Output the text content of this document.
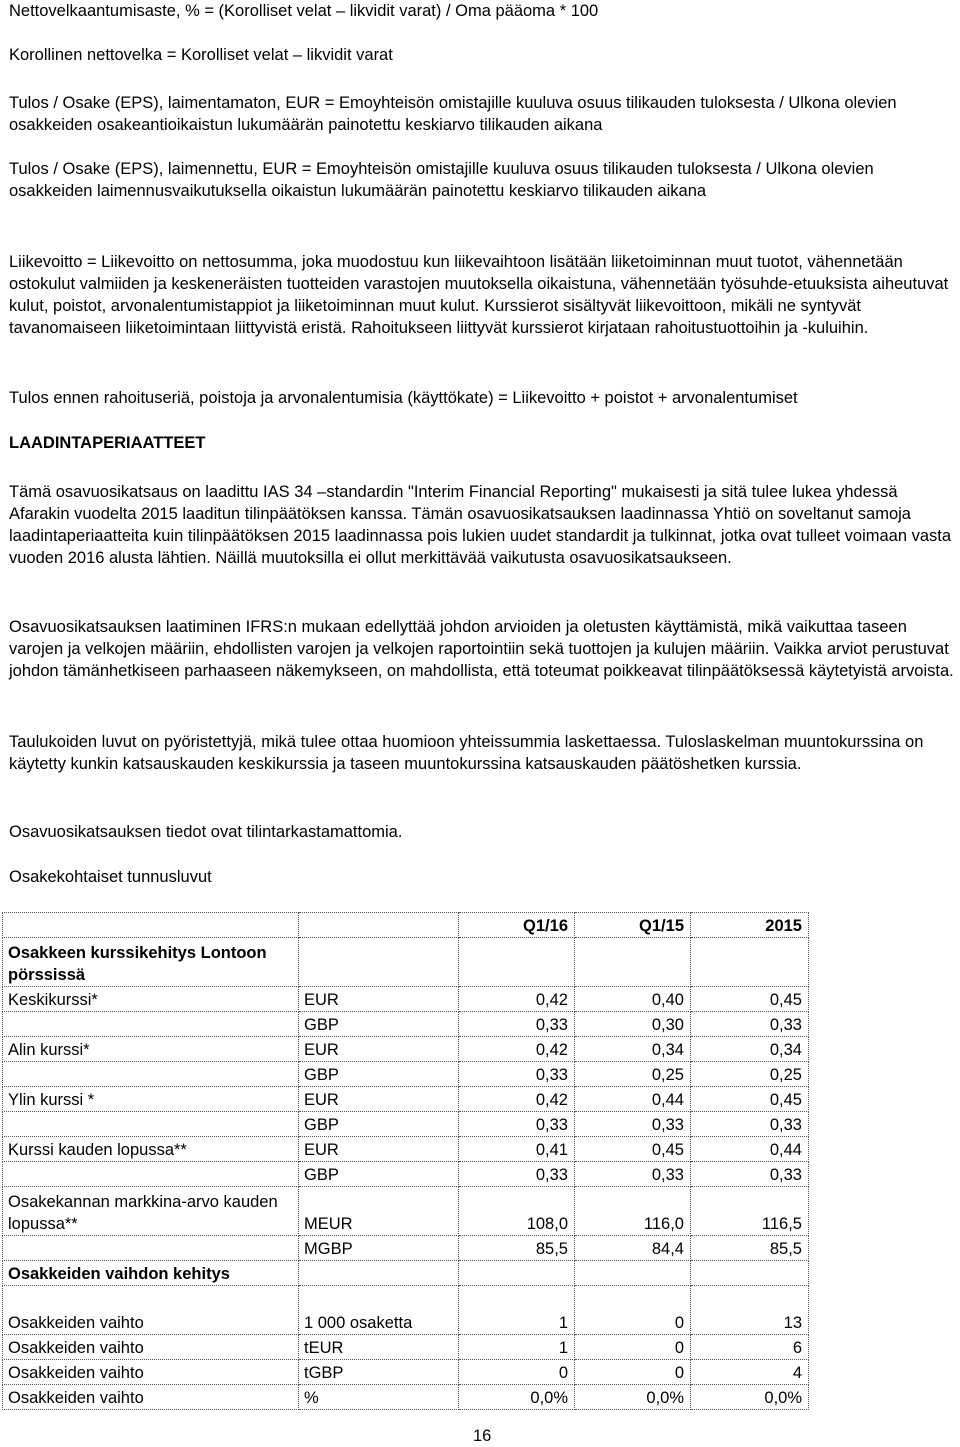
Nettovelkaantumisaste, % = (Korolliset velat – likvidit varat) / Oma pääoma * 100

Korollinen nettovelka = Korolliset velat – likvidit varat

Tulos / Osake (EPS), laimentamaton, EUR = Emoyhteisön omistajille kuuluva osuus tilikauden tuloksesta / Ulkona olevien osakkeiden osakeantioikaistun lukumäärän painotettu keskiarvo tilikauden aikana

Tulos / Osake (EPS), laimennettu, EUR = Emoyhteisön omistajille kuuluva osuus tilikauden tuloksesta / Ulkona olevien osakkeiden laimennusvaikutuksella oikaistun lukumäärän painotettu keskiarvo tilikauden aikana

Liikevoitto = Liikevoitto on nettosumma, joka muodostuu kun liikevaihtoon lisätään liiketoiminnan muut tuotot, vähennetään ostokulut valmiiden ja keskeneräisten tuotteiden varastojen muutoksella oikaistuna, vähennetään työsuhde-etuuksista aiheutuvat kulut, poistot, arvonalentumistappiot ja liiketoiminnan muut kulut. Kurssierot sisältyvät liikevoittoon, mikäli ne syntyvät tavanomaiseen liiketoimintaan liittyvistä eristä. Rahoitukseen liittyvät kurssierot kirjataan rahoitustuottoihin ja -kuluihin.

Tulos ennen rahoituseriä, poistoja ja arvonalentumisia (käyttökate) = Liikevoitto + poistot + arvonalentumiset

LAADINTAPERIAATTEET

Tämä osavuosikatsaus on laadittu IAS 34 –standardin "Interim Financial Reporting" mukaisesti ja sitä tulee lukea yhdessä Afarakin vuodelta 2015 laaditun tilinpäätöksen kanssa. Tämän osavuosikatsauksen laadinnassa Yhtiö on soveltanut samoja laadintaperiaatteita kuin tilinpäätöksen 2015 laadinnassa pois lukien uudet standardit ja tulkinnat, jotka ovat tulleet voimaan vasta vuoden 2016 alusta lähtien. Näillä muutoksilla ei ollut merkittävää vaikutusta osavuosikatsaukseen.

Osavuosikatsauksen laatiminen IFRS:n mukaan edellyttää johdon arvioiden ja oletusten käyttämistä, mikä vaikuttaa taseen varojen ja velkojen määriin, ehdollisten varojen ja velkojen raportointiin sekä tuottojen ja kulujen määriin. Vaikka arviot perustuvat johdon tämänhetkiseen parhaaseen näkemykseen, on mahdollista, että toteumat poikkeavat tilinpäätöksessä käytetyistä arvoista.

Taulukoiden luvut on pyöristettyjä, mikä tulee ottaa huomioon yhteissummia laskettaessa. Tuloslaskelman muuntokurssina on käytetty kunkin katsauskauden keskikurssia ja taseen muuntokurssina katsauskauden päätöshetken kurssia.

Osavuosikatsauksen tiedot ovat tilintarkastamattomia.

Osakekohtaiset tunnusluvut

		Q1/16	Q1/15	2015
Osakkeen kurssikehitys Lontoon pörssissä				
Keskikurssi*	EUR	0,42	0,40	0,45
	GBP	0,33	0,30	0,33
Alin kurssi*	EUR	0,42	0,34	0,34
	GBP	0,33	0,25	0,25
Ylin kurssi *	EUR	0,42	0,44	0,45
	GBP	0,33	0,33	0,33
Kurssi kauden lopussa**	EUR	0,41	0,45	0,44
	GBP	0,33	0,33	0,33
Osakekannan markkina-arvo kauden lopussa**	MEUR	108,0	116,0	116,5
	MGBP	85,5	84,4	85,5
Osakkeiden vaihdon kehitys				
Osakkeiden vaihto	1 000 osaketta	1	0	13
Osakkeiden vaihto	tEUR	1	0	6
Osakkeiden vaihto	tGBP	0	0	4
Osakkeiden vaihto	%	0,0%	0,0%	0,0%
16
